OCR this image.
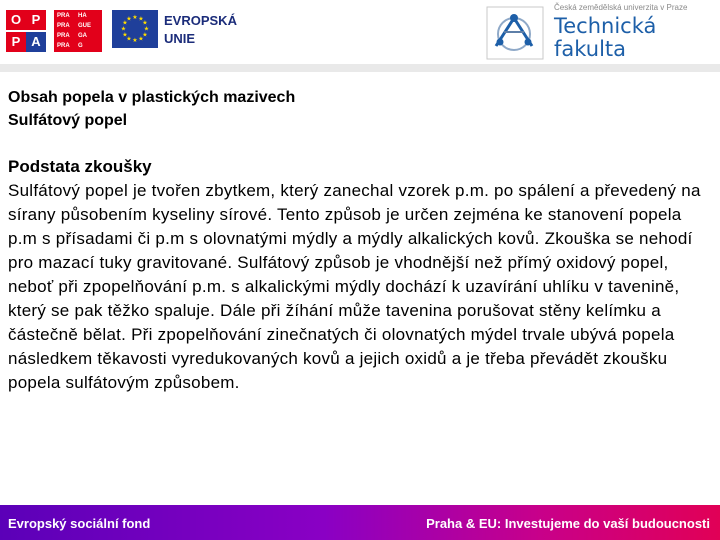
O P
P A
PRA
PRA
PRA
PRA
HA
GUE
GA
G
★ ★
★
★
★
★
★
★
★
★
★
★ EVROPSKÁ
UNIE
Česká zemědělská univerzita v Praze
Technická
fakulta

Obsah popela v plastických mazivech

Sulfátový popel

Podstata zkoušky

Sulfátový popel je tvořen zbytkem, který zanechal vzorek p.m. po spálení a převedený na sírany působením kyseliny sírové. Tento způsob je určen zejména ke stanovení popela p.m s přísadami či p.m s olovnatými mýdly a mýdly alkalických kovů. Zkouška se nehodí pro mazací tuky gravitované. Sulfátový způsob je vhodnější než přímý oxidový popel, neboť při zpopelňování p.m. s alkalickými mýdly dochází k uzavírání uhlíku v tavenině, který se pak těžko spaluje. Dále při žíhání může tavenina porušovat stěny kelímku a částečně bělat. Při zpopelňování zinečnatých či olovnatých mýdel trvale ubývá popela následkem těkavosti vyredukovaných kovů a jejich oxidů a je třeba převádět zkoušku popela sulfátovým způsobem.

Evropský sociální fond	Praha & EU: Investujeme do vaší budoucnosti
